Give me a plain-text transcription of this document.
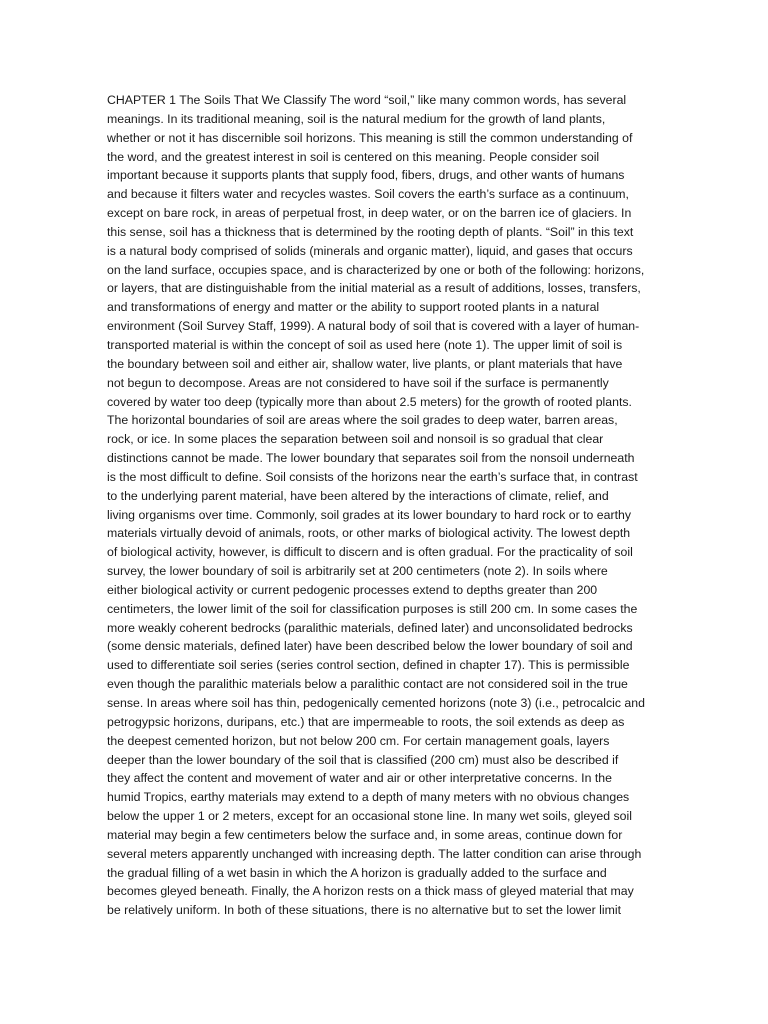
CHAPTER 1 The Soils That We Classify The word “soil,” like many common words, has several
meanings. In its traditional meaning, soil is the natural medium for the growth of land plants,
whether or not it has discernible soil horizons. This meaning is still the common understanding of
the word, and the greatest interest in soil is centered on this meaning. People consider soil
important because it supports plants that supply food, fibers, drugs, and other wants of humans
and because it filters water and recycles wastes. Soil covers the earth’s surface as a continuum,
except on bare rock, in areas of perpetual frost, in deep water, or on the barren ice of glaciers. In
this sense, soil has a thickness that is determined by the rooting depth of plants. “Soil” in this text
is a natural body comprised of solids (minerals and organic matter), liquid, and gases that occurs
on the land surface, occupies space, and is characterized by one or both of the following: horizons,
or layers, that are distinguishable from the initial material as a result of additions, losses, transfers,
and transformations of energy and matter or the ability to support rooted plants in a natural
environment (Soil Survey Staff, 1999). A natural body of soil that is covered with a layer of human-
transported material is within the concept of soil as used here (note 1). The upper limit of soil is
the boundary between soil and either air, shallow water, live plants, or plant materials that have
not begun to decompose. Areas are not considered to have soil if the surface is permanently
covered by water too deep (typically more than about 2.5 meters) for the growth of rooted plants.
The horizontal boundaries of soil are areas where the soil grades to deep water, barren areas,
rock, or ice. In some places the separation between soil and nonsoil is so gradual that clear
distinctions cannot be made. The lower boundary that separates soil from the nonsoil underneath
is the most difficult to define. Soil consists of the horizons near the earth’s surface that, in contrast
to the underlying parent material, have been altered by the interactions of climate, relief, and
living organisms over time. Commonly, soil grades at its lower boundary to hard rock or to earthy
materials virtually devoid of animals, roots, or other marks of biological activity. The lowest depth
of biological activity, however, is difficult to discern and is often gradual. For the practicality of soil
survey, the lower boundary of soil is arbitrarily set at 200 centimeters (note 2). In soils where
either biological activity or current pedogenic processes extend to depths greater than 200
centimeters, the lower limit of the soil for classification purposes is still 200 cm. In some cases the
more weakly coherent bedrocks (paralithic materials, defined later) and unconsolidated bedrocks
(some densic materials, defined later) have been described below the lower boundary of soil and
used to differentiate soil series (series control section, defined in chapter 17). This is permissible
even though the paralithic materials below a paralithic contact are not considered soil in the true
sense. In areas where soil has thin, pedogenically cemented horizons (note 3) (i.e., petrocalcic and
petrogypsic horizons, duripans, etc.) that are impermeable to roots, the soil extends as deep as
the deepest cemented horizon, but not below 200 cm. For certain management goals, layers
deeper than the lower boundary of the soil that is classified (200 cm) must also be described if
they affect the content and movement of water and air or other interpretative concerns. In the
humid Tropics, earthy materials may extend to a depth of many meters with no obvious changes
below the upper 1 or 2 meters, except for an occasional stone line. In many wet soils, gleyed soil
material may begin a few centimeters below the surface and, in some areas, continue down for
several meters apparently unchanged with increasing depth. The latter condition can arise through
the gradual filling of a wet basin in which the A horizon is gradually added to the surface and
becomes gleyed beneath. Finally, the A horizon rests on a thick mass of gleyed material that may
be relatively uniform. In both of these situations, there is no alternative but to set the lower limit
